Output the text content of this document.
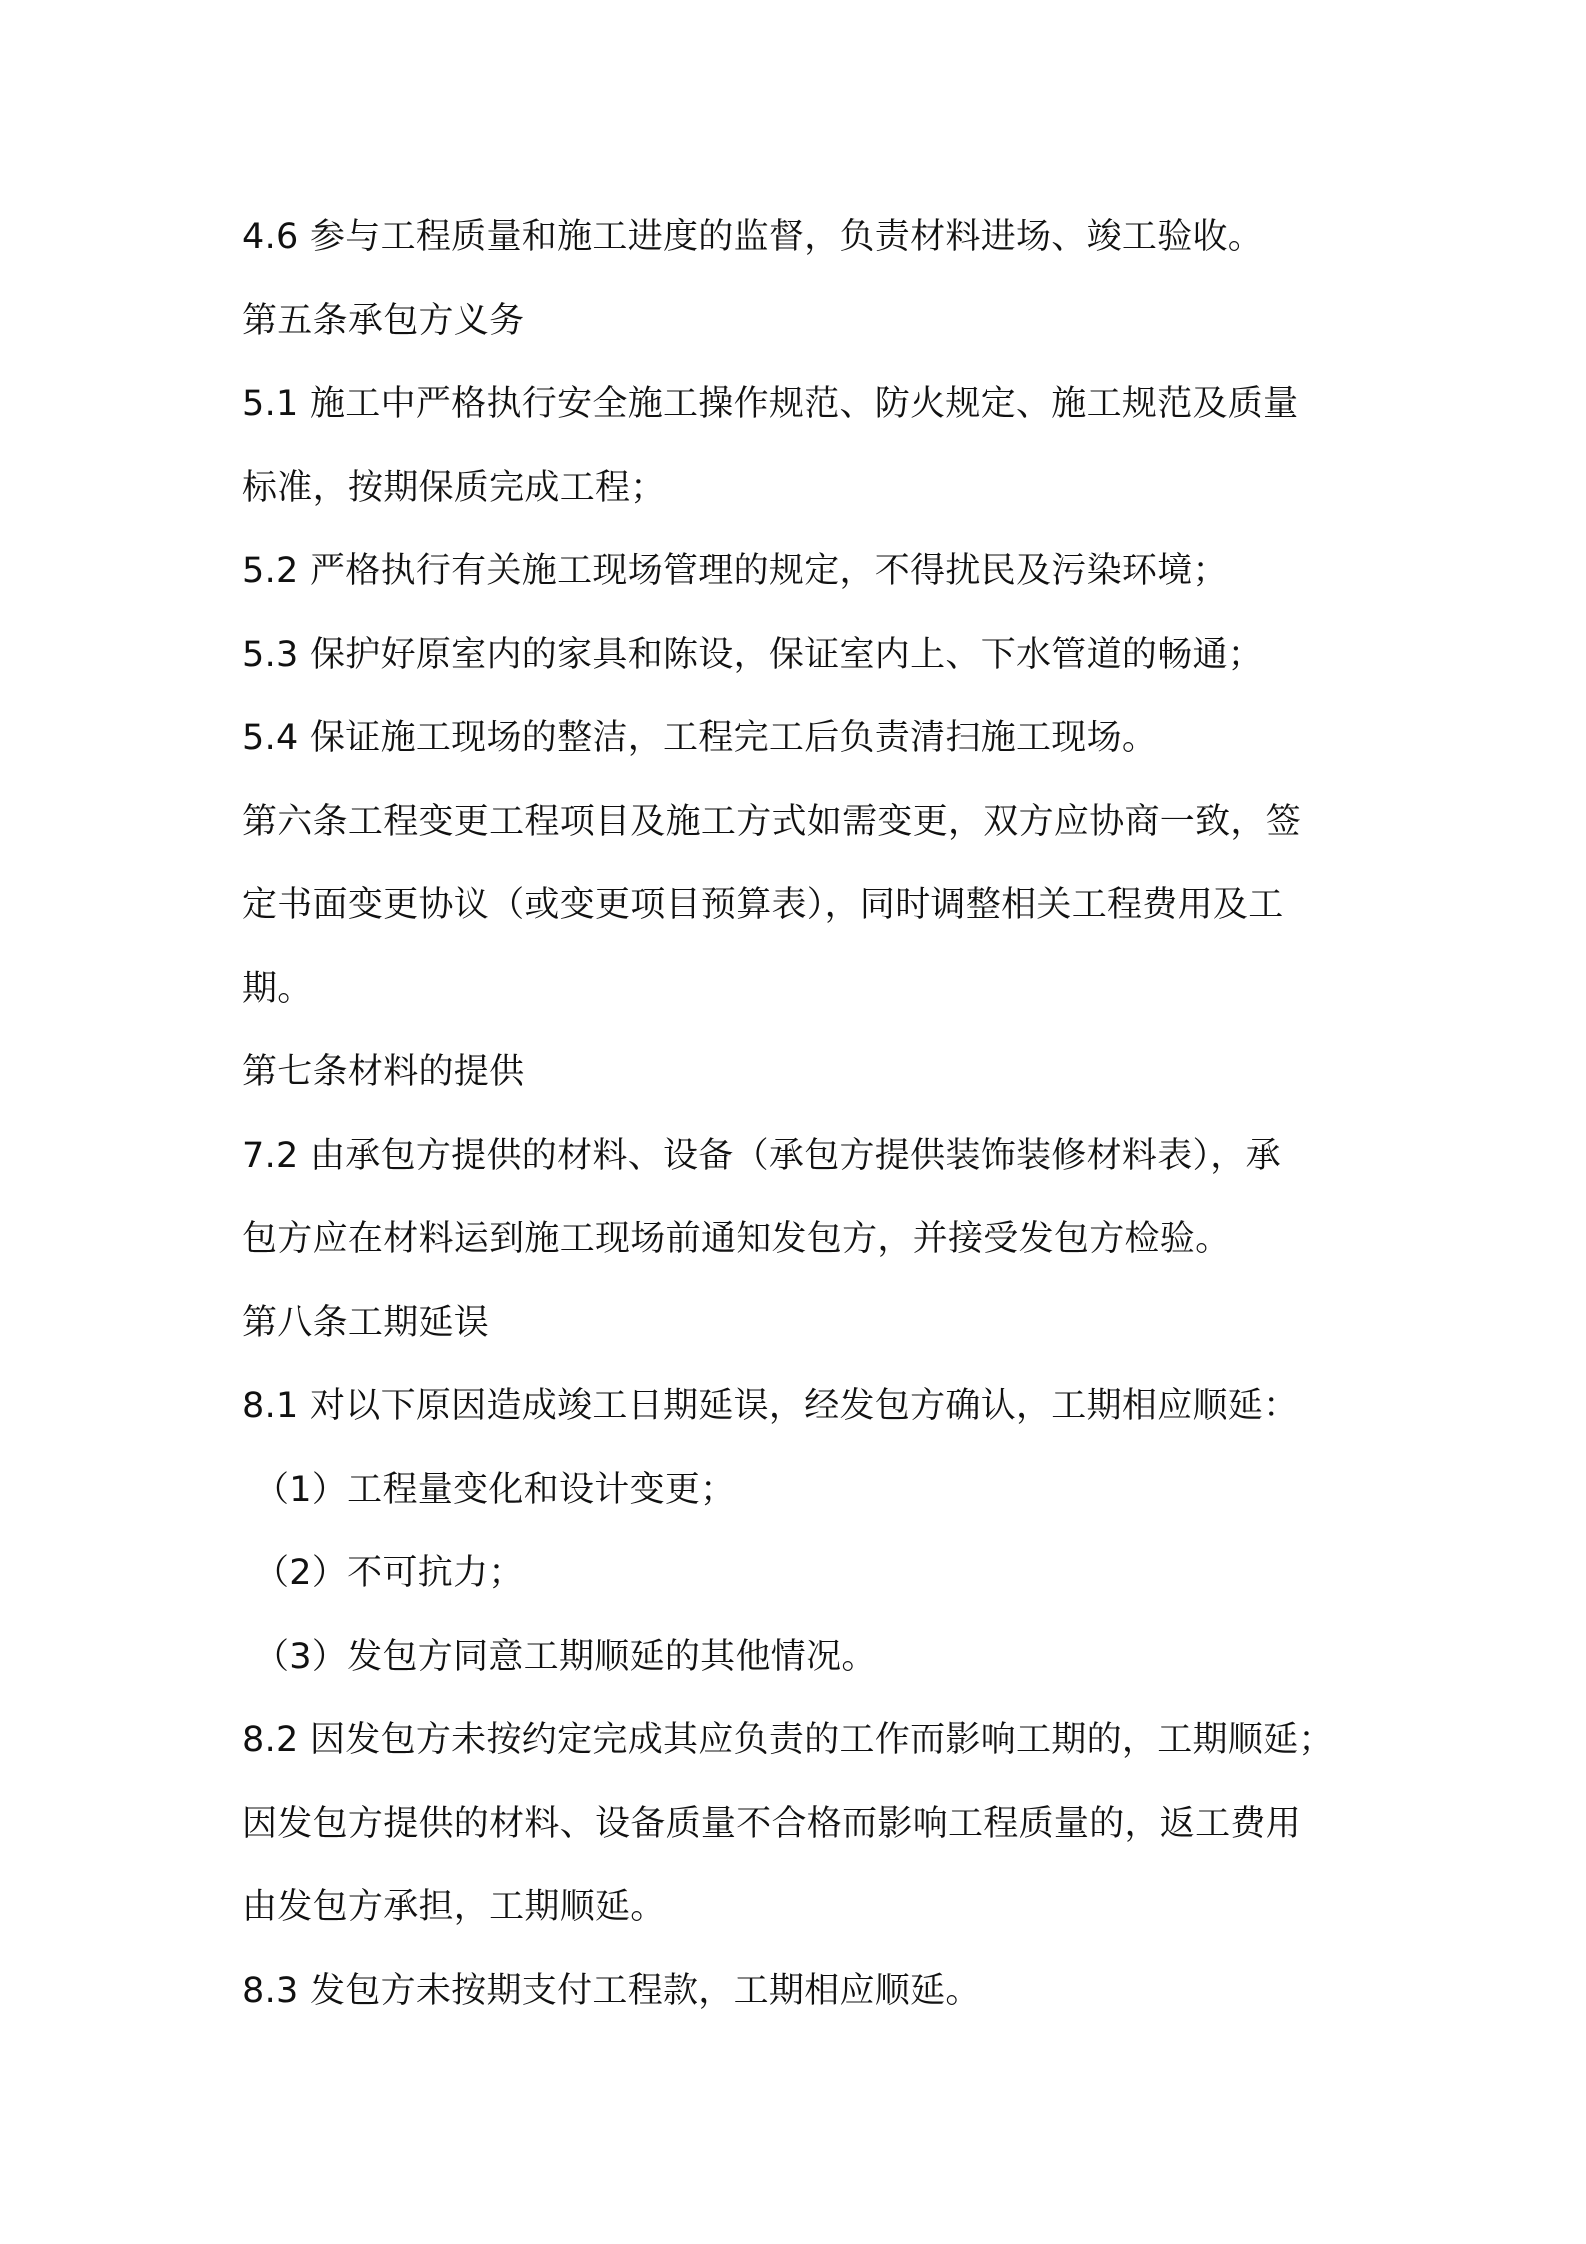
4.6 参与工程质量和施工进度的监督，负责材料进场、竣工验收。
第五条承包方义务
5.1 施工中严格执行安全施工操作规范、防火规定、施工规范及质量
标准，按期保质完成工程；
5.2 严格执行有关施工现场管理的规定，不得扰民及污染环境；
5.3 保护好原室内的家具和陈设，保证室内上、下水管道的畅通；
5.4 保证施工现场的整洁，工程完工后负责清扫施工现场。
第六条工程变更工程项目及施工方式如需变更，双方应协商一致，签
定书面变更协议（或变更项目预算表），同时调整相关工程费用及工
期。
第七条材料的提供
7.2 由承包方提供的材料、设备（承包方提供装饰装修材料表），承
包方应在材料运到施工现场前通知发包方，并接受发包方检验。
第八条工期延误
8.1 对以下原因造成竣工日期延误，经发包方确认，工期相应顺延：
（1）工程量变化和设计变更；
（2）不可抗力；
（3）发包方同意工期顺延的其他情况。
8.2 因发包方未按约定完成其应负责的工作而影响工期的，工期顺延；
因发包方提供的材料、设备质量不合格而影响工程质量的，返工费用
由发包方承担，工期顺延。
8.3 发包方未按期支付工程款，工期相应顺延。
